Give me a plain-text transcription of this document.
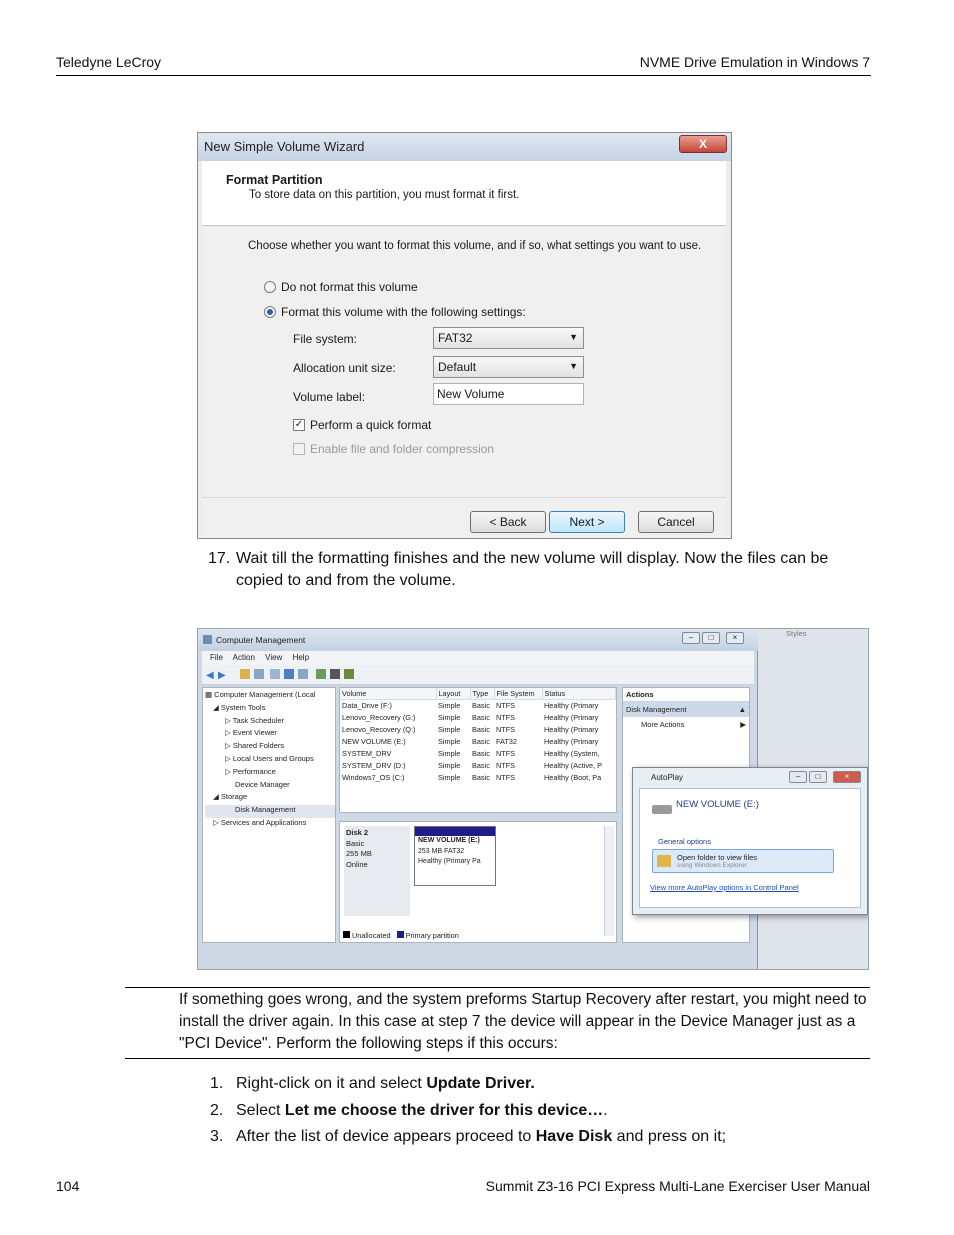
Teledyne LeCroy	NVME Drive Emulation in Windows 7
New Simple Volume Wizard	X
Format Partition
To store data on this partition, you must format it first.
Choose whether you want to format this volume, and if so, what settings you want to use.
Do not format this volume
Format this volume with the following settings:
File system:	FAT32	▼
Allocation unit size:	Default	▼
Volume label:	New Volume
✓ Perform a quick format
Enable file and folder compression
< Back	Next >	Cancel
17. Wait till the formatting finishes and the new volume will display. Now the files can be copied to and from the volume.
Styles
Computer Management	–	□	×
File Action View Help
◀ ▶
▦ Computer Management (Local
◢ System Tools
▷ Task Scheduler
▷ Event Viewer
▷ Shared Folders
▷ Local Users and Groups
▷ Performance
Device Manager
◢ Storage
Disk Management
▷ Services and Applications
Volume	Layout	Type	File System	Status
Data_Drive (F:)	Simple	Basic	NTFS	Healthy (Primary
Lenovo_Recovery (G:)	Simple	Basic	NTFS	Healthy (Primary
Lenovo_Recovery (Q:)	Simple	Basic	NTFS	Healthy (Primary
NEW VOLUME (E:)	Simple	Basic	FAT32	Healthy (Primary
SYSTEM_DRV	Simple	Basic	NTFS	Healthy (System,
SYSTEM_DRV (D:)	Simple	Basic	NTFS	Healthy (Active, P
Windows7_OS (C:)	Simple	Basic	NTFS	Healthy (Boot, Pa
Disk 2
Basic
255 MB
Online
NEW VOLUME (E:)
253 MB FAT32
Healthy (Primary Pa
Unallocated Primary partition
Actions
Disk Management	▲
More Actions	▶
AutoPlay	–	□	×
NEW VOLUME (E:)
General options
Open folder to view files
using Windows Explorer
View more AutoPlay options in Control Panel
If something goes wrong, and the system preforms Startup Recovery after restart, you might need to install the driver again. In this case at step 7 the device will appear in the Device Manager just as a "PCI Device". Perform the following steps if this occurs:
1. Right-click on it and select Update Driver.
2. Select Let me choose the driver for this device….
3. After the list of device appears proceed to Have Disk and press on it;
104	Summit Z3-16 PCI Express Multi-Lane Exerciser User Manual
